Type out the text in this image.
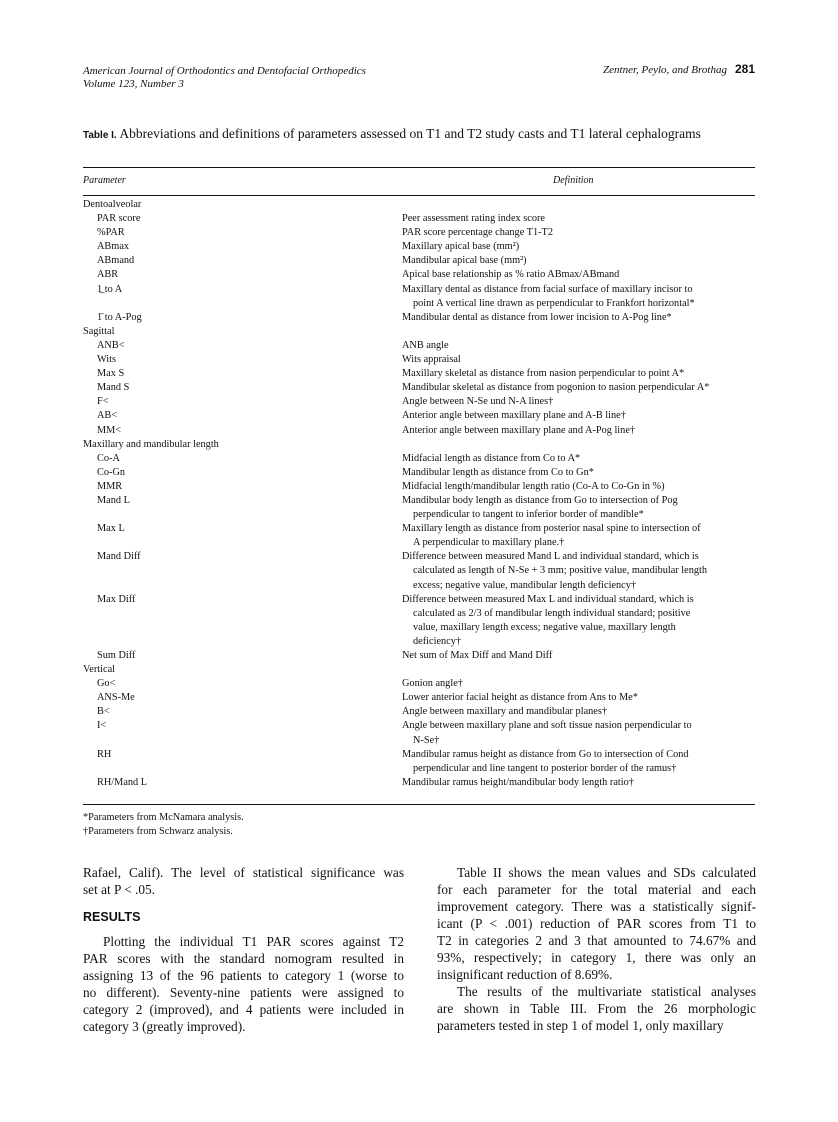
American Journal of Orthodontics and Dentofacial Orthopedics
Volume 123, Number 3
Zentner, Peylo, and Brothag 281
Table I. Abbreviations and definitions of parameters assessed on T1 and T2 study casts and T1 lateral cephalograms
Parameter	Definition
Dentoalveolar
PAR score	Peer assessment rating index score
%PAR	PAR score percentage change T1-T2
ABmax	Maxillary apical base (mm²)
ABmand	Mandibular apical base (mm²)
ABR	Apical base relationship as % ratio ABmax/ABmand
1̲ to A	Maxillary dental as distance from facial surface of maxillary incisor to
point A vertical line drawn as perpendicular to Frankfort horizontal*
1̄ to A-Pog	Mandibular dental as distance from lower incision to A-Pog line*
Sagittal
ANB<	ANB angle
Wits	Wits appraisal
Max S	Maxillary skeletal as distance from nasion perpendicular to point A*
Mand S	Mandibular skeletal as distance from pogonion to nasion perpendicular A*
F<	Angle between N-Se und N-A lines†
AB<	Anterior angle between maxillary plane and A-B line†
MM<	Anterior angle between maxillary plane and A-Pog line†
Maxillary and mandibular length
Co-A	Midfacial length as distance from Co to A*
Co-Gn	Mandibular length as distance from Co to Gn*
MMR	Midfacial length/mandibular length ratio (Co-A to Co-Gn in %)
Mand L	Mandibular body length as distance from Go to intersection of Pog
perpendicular to tangent to inferior border of mandible*
Max L	Maxillary length as distance from posterior nasal spine to intersection of
A perpendicular to maxillary plane.†
Mand Diff	Difference between measured Mand L and individual standard, which is
calculated as length of N-Se + 3 mm; positive value, mandibular length
excess; negative value, mandibular length deficiency†
Max Diff	Difference between measured Max L and individual standard, which is
calculated as 2/3 of mandibular length individual standard; positive
value, maxillary length excess; negative value, maxillary length
deficiency†
Sum Diff	Net sum of Max Diff and Mand Diff
Vertical
Go<	Gonion angle†
ANS-Me	Lower anterior facial height as distance from Ans to Me*
B<	Angle between maxillary and mandibular planes†
I<	Angle between maxillary plane and soft tissue nasion perpendicular to
N-Se†
RH	Mandibular ramus height as distance from Go to intersection of Cond
perpendicular and line tangent to posterior border of the ramus†
RH/Mand L	Mandibular ramus height/mandibular body length ratio†
*Parameters from McNamara analysis.
†Parameters from Schwarz analysis.
Rafael, Calif). The level of statistical significance was
set at P < .05.
RESULTS
Plotting the individual T1 PAR scores against T2
PAR scores with the standard nomogram resulted in
assigning 13 of the 96 patients to category 1 (worse to
no different). Seventy-nine patients were assigned to
category 2 (improved), and 4 patients were included in
category 3 (greatly improved).
Table II shows the mean values and SDs calculated
for each parameter for the total material and each
improvement category. There was a statistically signif-
icant (P < .001) reduction of PAR scores from T1 to
T2 in categories 2 and 3 that amounted to 74.67% and
93%, respectively; in category 1, there was only an
insignificant reduction of 8.69%.
The results of the multivariate statistical analyses
are shown in Table III. From the 26 morphologic
parameters tested in step 1 of model 1, only maxillary
